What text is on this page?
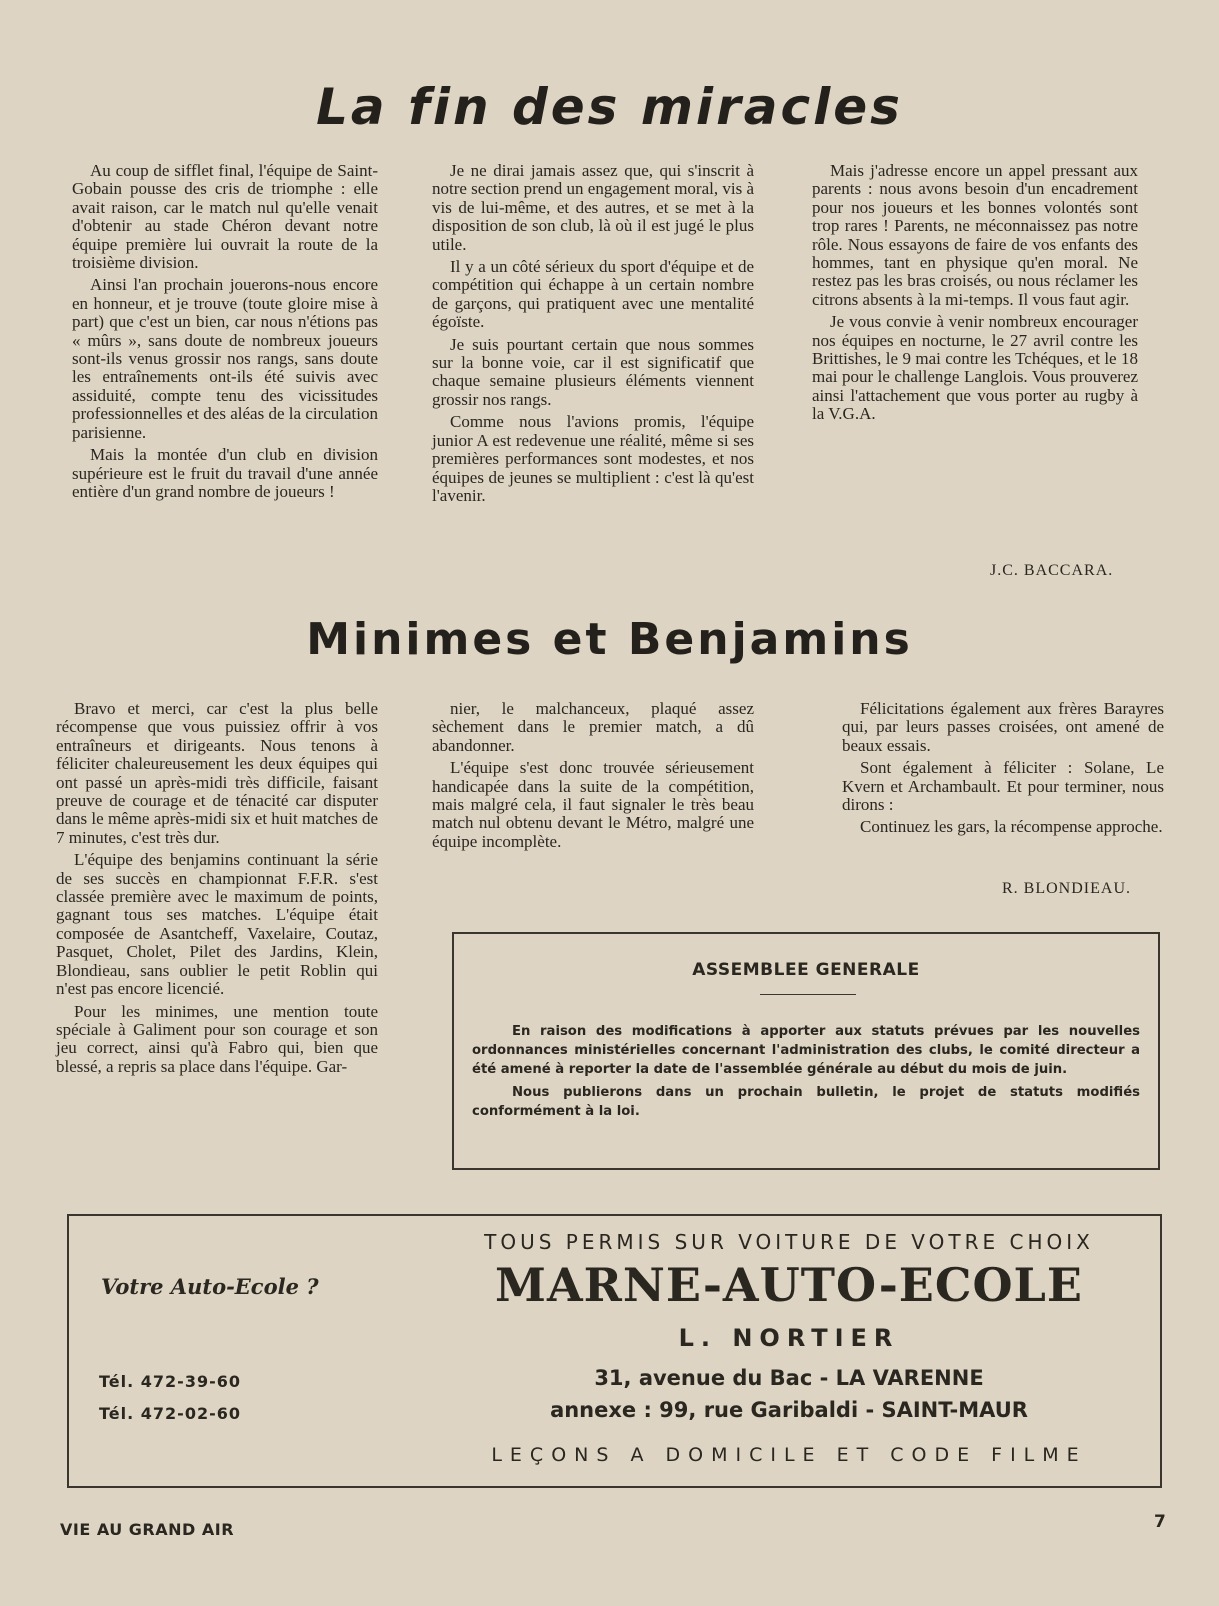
La fin des miracles

Au coup de sifflet final, l'équipe de Saint-Gobain pousse des cris de triomphe : elle avait raison, car le match nul qu'elle venait d'obtenir au stade Chéron devant notre équipe première lui ouvrait la route de la troisième division.

Ainsi l'an prochain jouerons-nous encore en honneur, et je trouve (toute gloire mise à part) que c'est un bien, car nous n'étions pas « mûrs », sans doute de nombreux joueurs sont-ils venus grossir nos rangs, sans doute les entraînements ont-ils été suivis avec assiduité, compte tenu des vicissitudes professionnelles et des aléas de la circulation parisienne.

Mais la montée d'un club en division supérieure est le fruit du travail d'une année entière d'un grand nombre de joueurs !

Je ne dirai jamais assez que, qui s'inscrit à notre section prend un engagement moral, vis à vis de lui-même, et des autres, et se met à la disposition de son club, là où il est jugé le plus utile.

Il y a un côté sérieux du sport d'équipe et de compétition qui échappe à un certain nombre de garçons, qui pratiquent avec une mentalité égoïste.

Je suis pourtant certain que nous sommes sur la bonne voie, car il est significatif que chaque semaine plusieurs éléments viennent grossir nos rangs.

Comme nous l'avions promis, l'équipe junior A est redevenue une réalité, même si ses premières performances sont modestes, et nos équipes de jeunes se multiplient : c'est là qu'est l'avenir.

Mais j'adresse encore un appel pressant aux parents : nous avons besoin d'un encadrement pour nos joueurs et les bonnes volontés sont trop rares ! Parents, ne méconnaissez pas notre rôle. Nous essayons de faire de vos enfants des hommes, tant en physique qu'en moral. Ne restez pas les bras croisés, ou nous réclamer les citrons absents à la mi-temps. Il vous faut agir.

Je vous convie à venir nombreux encourager nos équipes en nocturne, le 27 avril contre les Brittishes, le 9 mai contre les Tchéques, et le 18 mai pour le challenge Langlois. Vous prouverez ainsi l'attachement que vous porter au rugby à la V.G.A.

J.C. BACCARA.
Minimes et Benjamins

Bravo et merci, car c'est la plus belle récompense que vous puissiez offrir à vos entraîneurs et dirigeants. Nous tenons à féliciter chaleureusement les deux équipes qui ont passé un après-midi très difficile, faisant preuve de courage et de ténacité car disputer dans le même après-midi six et huit matches de 7 minutes, c'est très dur.

L'équipe des benjamins continuant la série de ses succès en championnat F.F.R. s'est classée première avec le maximum de points, gagnant tous ses matches. L'équipe était composée de Asantcheff, Vaxelaire, Coutaz, Pasquet, Cholet, Pilet des Jardins, Klein, Blondieau, sans oublier le petit Roblin qui n'est pas encore licencié.

Pour les minimes, une mention toute spéciale à Galiment pour son courage et son jeu correct, ainsi qu'à Fabro qui, bien que blessé, a repris sa place dans l'équipe. Gar-

nier, le malchanceux, plaqué assez sèchement dans le premier match, a dû abandonner.

L'équipe s'est donc trouvée sérieusement handicapée dans la suite de la compétition, mais malgré cela, il faut signaler le très beau match nul obtenu devant le Métro, malgré une équipe incomplète.

Félicitations également aux frères Barayres qui, par leurs passes croisées, ont amené de beaux essais.

Sont également à féliciter : Solane, Le Kvern et Archambault. Et pour terminer, nous dirons :

Continuez les gars, la récompense approche.

R. BLONDIEAU.
ASSEMBLEE GENERALE

En raison des modifications à apporter aux statuts prévues par les nouvelles ordonnances ministérielles concernant l'administration des clubs, le comité directeur a été amené à reporter la date de l'assemblée générale au début du mois de juin.

Nous publierons dans un prochain bulletin, le projet de statuts modifiés conformément à la loi.

Votre Auto-Ecole ?
Tél. 472-39-60
Tél. 472-02-60
TOUS PERMIS SUR VOITURE DE VOTRE CHOIX
MARNE-AUTO-ECOLE
L. NORTIER
31, avenue du Bac - LA VARENNE
annexe : 99, rue Garibaldi - SAINT-MAUR
LEÇONS A DOMICILE ET CODE FILME
VIE AU GRAND AIR	7
